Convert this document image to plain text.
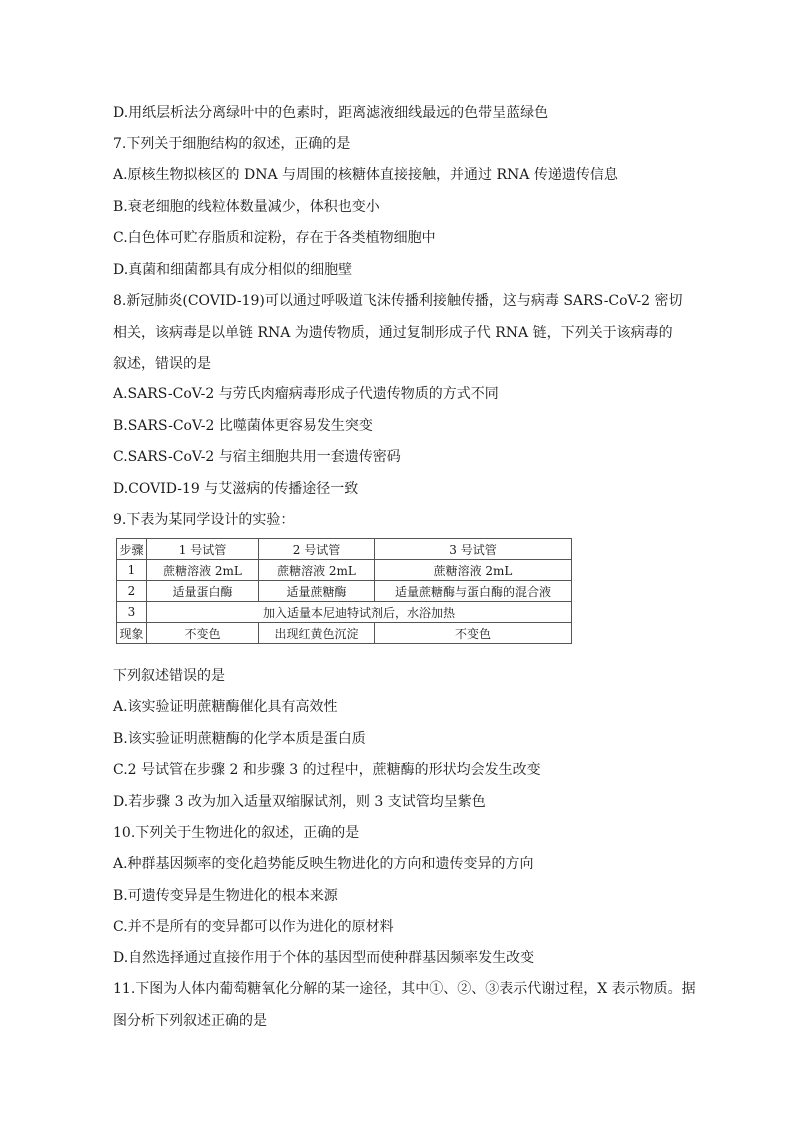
D.用纸层析法分离绿叶中的色素时，距离滤液细线最远的色带呈蓝绿色
7.下列关于细胞结构的叙述，正确的是
A.原核生物拟核区的 DNA 与周围的核糖体直接接触，并通过 RNA 传递遗传信息
B.衰老细胞的线粒体数量减少，体积也变小
C.白色体可贮存脂质和淀粉，存在于各类植物细胞中
D.真菌和细菌都具有成分相似的细胞壁
8.新冠肺炎(COVID-19)可以通过呼吸道飞沫传播利接触传播，这与病毒 SARS-CoV-2 密切相关，该病毒是以单链 RNA 为遗传物质，通过复制形成子代 RNA 链，下列关于该病毒的叙述，错误的是
A.SARS-CoV-2 与劳氏肉瘤病毒形成子代遗传物质的方式不同
B.SARS-CoV-2 比噬菌体更容易发生突变
C.SARS-CoV-2 与宿主细胞共用一套遗传密码
D.COVID-19 与艾滋病的传播途径一致
9.下表为某同学设计的实验：
步骤	1 号试管	2 号试管	3 号试管
1	蔗糖溶液 2mL	蔗糖溶液 2mL	蔗糖溶液 2mL
2	适量蛋白酶	适量蔗糖酶	适量蔗糖酶与蛋白酶的混合液
3	加入适量本尼迪特试剂后，水浴加热		
现象	不变色	出现红黄色沉淀	不变色
下列叙述错误的是
A.该实验证明蔗糖酶催化具有高效性
B.该实验证明蔗糖酶的化学本质是蛋白质
C.2 号试管在步骤 2 和步骤 3 的过程中，蔗糖酶的形状均会发生改变
D.若步骤 3 改为加入适量双缩脲试剂，则 3 支试管均呈紫色
10.下列关于生物进化的叙述，正确的是
A.种群基因频率的变化趋势能反映生物进化的方向和遗传变异的方向
B.可遗传变异是生物进化的根本来源
C.并不是所有的变异都可以作为进化的原材料
D.自然选择通过直接作用于个体的基因型而使种群基因频率发生改变
11.下图为人体内葡萄糖氧化分解的某一途径，其中①、②、③表示代谢过程，X 表示物质。据图分析下列叙述正确的是
